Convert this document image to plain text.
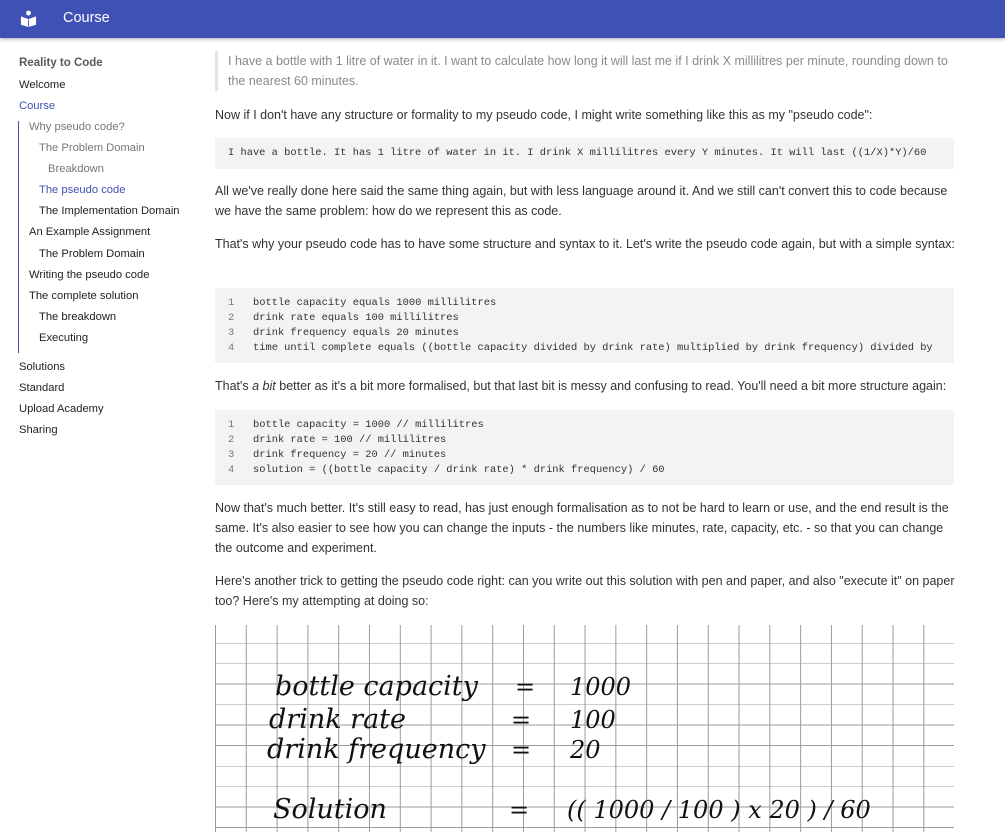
Course
Reality to Code
Welcome
Course
Why pseudo code?
The Problem Domain
Breakdown
The pseudo code
The Implementation Domain
An Example Assignment
The Problem Domain
Writing the pseudo code
The complete solution
The breakdown
Executing
Solutions
Standard
Upload Academy
Sharing
I have a bottle with 1 litre of water in it. I want to calculate how long it will last me if I drink X millilitres per minute, rounding down to the nearest 60 minutes.
Now if I don't have any structure or formality to my pseudo code, I might write something like this as my "pseudo code":
I have a bottle. It has 1 litre of water in it. I drink X millilitres every Y minutes. It will last ((1/X)*Y)/60
All we've really done here said the same thing again, but with less language around it. And we still can't convert this to code because we have the same problem: how do we represent this as code.
That's why your pseudo code has to have some structure and syntax to it. Let's write the pseudo code again, but with a simple syntax:
1	bottle capacity equals 1000 millilitres
2	drink rate equals 100 millilitres
3	drink frequency equals 20 minutes
4	time until complete equals ((bottle capacity divided by drink rate) multiplied by drink frequency) divided by
That's a bit better as it's a bit more formalised, but that last bit is messy and confusing to read. You'll need a bit more structure again:
1	bottle capacity = 1000 // millilitres
2	drink rate = 100 // millilitres
3	drink frequency = 20 // minutes
4	solution = ((bottle capacity / drink rate) * drink frequency) / 60
Now that's much better. It's still easy to read, has just enough formalisation as to not be hard to learn or use, and the end result is the same. It's also easier to see how you can change the inputs - the numbers like minutes, rate, capacity, etc. - so that you can change the outcome and experiment.
Here's another trick to getting the pseudo code right: can you write out this solution with pen and paper, and also "execute it" on paper too? Here's my attempting at doing so:
bottle capacity = 1000
drink rate	= 100
drink frequency = 20
Solution	= (( 1000 / 100 ) x 20 ) / 60
